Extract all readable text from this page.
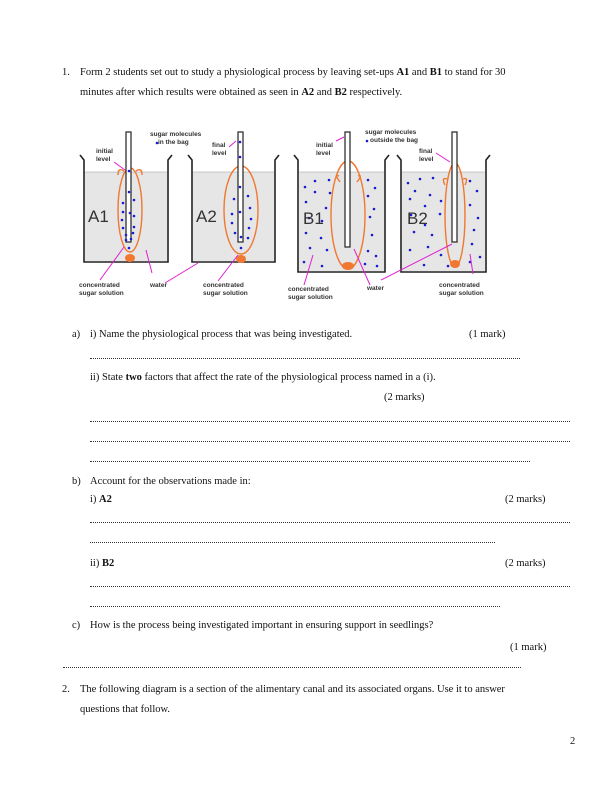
1. Form 2 students set out to study a physiological process by leaving set-ups A1 and B1 to stand for 30
minutes after which results were obtained as seen in A2 and B2 respectively.
A1	A2	B1	B2
sugar molecules
in the bag
initial
level
final
level
sugar molecules
outside the bag
initial
level	final
level
concentrated
sugar solution
water	concentrated
sugar solution
concentrated
sugar solution
water	concentrated
sugar solution
a) i) Name the physiological process that was being investigated.	(1 mark)
ii) State two factors that affect the rate of the physiological process named in a (i).
(2 marks)
b) Account for the observations made in:
i) A2	(2 marks)
ii) B2	(2 marks)
c) How is the process being investigated important in ensuring support in seedlings?
(1 mark)
2. The following diagram is a section of the alimentary canal and its associated organs. Use it to answer
questions that follow.
2
